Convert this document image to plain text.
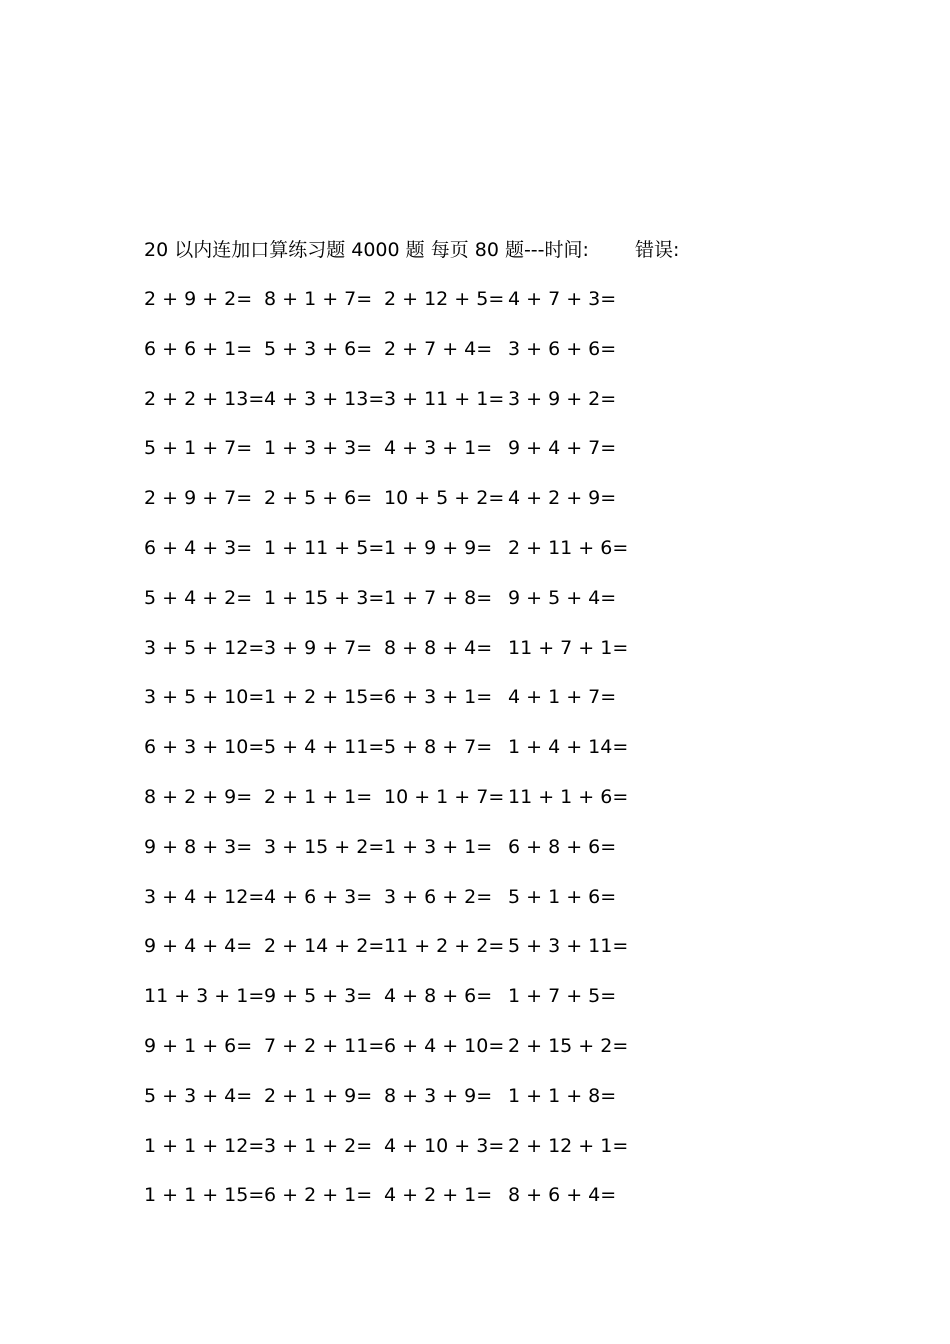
20 以内连加口算练习题 4000 题 每页 80 题---时间: 错误:
2 + 9 + 2= 8 + 1 + 7= 2 + 12 + 5= 4 + 7 + 3=
6 + 6 + 1= 5 + 3 + 6= 2 + 7 + 4= 3 + 6 + 6=
2 + 2 + 13= 4 + 3 + 13= 3 + 11 + 1= 3 + 9 + 2=
5 + 1 + 7= 1 + 3 + 3= 4 + 3 + 1= 9 + 4 + 7=
2 + 9 + 7= 2 + 5 + 6= 10 + 5 + 2= 4 + 2 + 9=
6 + 4 + 3= 1 + 11 + 5= 1 + 9 + 9= 2 + 11 + 6=
5 + 4 + 2= 1 + 15 + 3= 1 + 7 + 8= 9 + 5 + 4=
3 + 5 + 12= 3 + 9 + 7= 8 + 8 + 4= 11 + 7 + 1=
3 + 5 + 10= 1 + 2 + 15= 6 + 3 + 1= 4 + 1 + 7=
6 + 3 + 10= 5 + 4 + 11= 5 + 8 + 7= 1 + 4 + 14=
8 + 2 + 9= 2 + 1 + 1= 10 + 1 + 7= 11 + 1 + 6=
9 + 8 + 3= 3 + 15 + 2= 1 + 3 + 1= 6 + 8 + 6=
3 + 4 + 12= 4 + 6 + 3= 3 + 6 + 2= 5 + 1 + 6=
9 + 4 + 4= 2 + 14 + 2= 11 + 2 + 2= 5 + 3 + 11=
11 + 3 + 1= 9 + 5 + 3= 4 + 8 + 6= 1 + 7 + 5=
9 + 1 + 6= 7 + 2 + 11= 6 + 4 + 10= 2 + 15 + 2=
5 + 3 + 4= 2 + 1 + 9= 8 + 3 + 9= 1 + 1 + 8=
1 + 1 + 12= 3 + 1 + 2= 4 + 10 + 3= 2 + 12 + 1=
1 + 1 + 15= 6 + 2 + 1= 4 + 2 + 1= 8 + 6 + 4=
